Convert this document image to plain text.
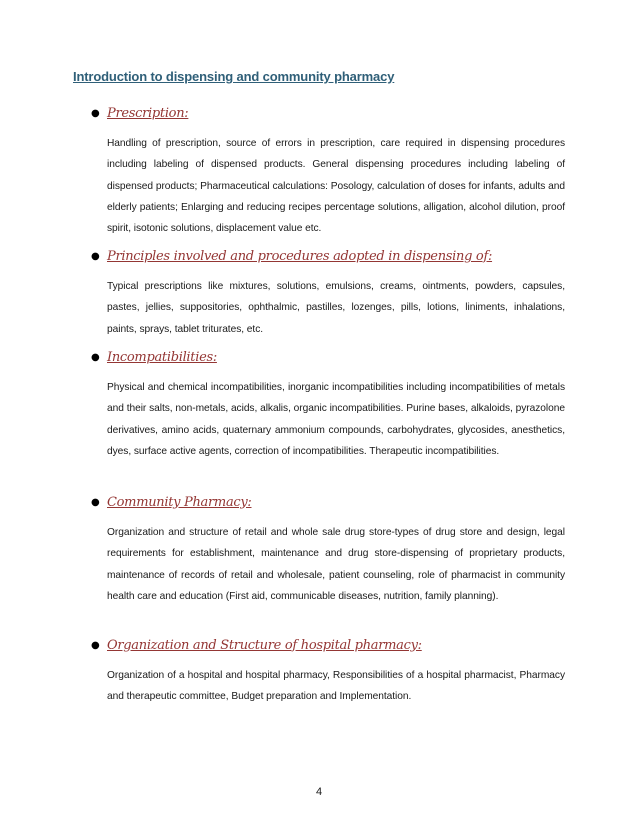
Introduction to dispensing and community pharmacy
● Prescription:
Handling of prescription, source of errors in prescription, care required in dispensing procedures including labeling of dispensed products. General dispensing procedures including labeling of dispensed products; Pharmaceutical calculations: Posology, calculation of doses for infants, adults and elderly patients; Enlarging and reducing recipes percentage solutions, alligation, alcohol dilution, proof spirit, isotonic solutions, displacement value etc.
● Principles involved and procedures adopted in dispensing of:
Typical prescriptions like mixtures, solutions, emulsions, creams, ointments, powders, capsules, pastes, jellies, suppositories, ophthalmic, pastilles, lozenges, pills, lotions, liniments, inhalations, paints, sprays, tablet triturates, etc.
● Incompatibilities:
Physical and chemical incompatibilities, inorganic incompatibilities including incompatibilities of metals and their salts, non-metals, acids, alkalis, organic incompatibilities. Purine bases, alkaloids, pyrazolone derivatives, amino acids, quaternary ammonium compounds, carbohydrates, glycosides, anesthetics, dyes, surface active agents, correction of incompatibilities. Therapeutic incompatibilities.
● Community Pharmacy:
Organization and structure of retail and whole sale drug store-types of drug store and design, legal requirements for establishment, maintenance and drug store-dispensing of proprietary products, maintenance of records of retail and wholesale, patient counseling, role of pharmacist in community health care and education (First aid, communicable diseases, nutrition, family planning).
● Organization and Structure of hospital pharmacy:
Organization of a hospital and hospital pharmacy, Responsibilities of a hospital pharmacist, Pharmacy and therapeutic committee, Budget preparation and Implementation.
4
